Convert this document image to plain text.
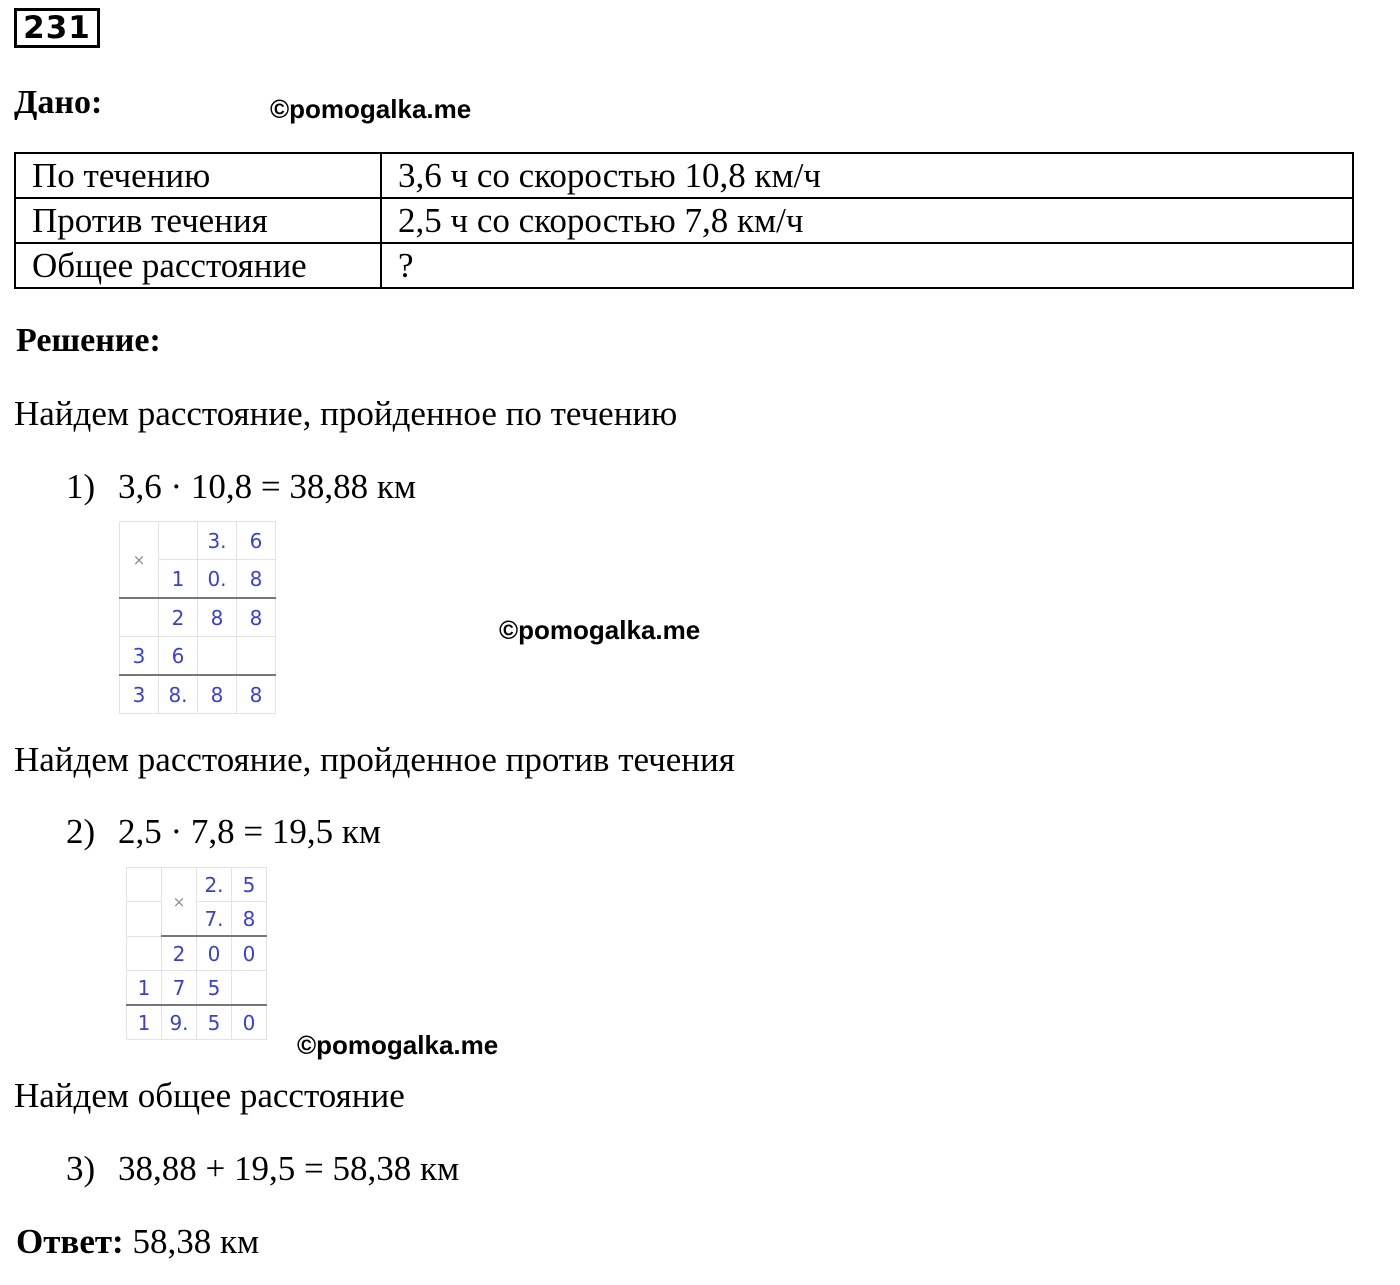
231
Дано:	©pomogalka.me
По течению	3,6 ч со скоростью 10,8 км/ч
Против течения	2,5 ч со скоростью 7,8 км/ч
Общее расстояние	?
Решение:
Найдем расстояние, пройденное по течению
1) 3,6 · 10,8 = 38,88 км
×		3.	6
	1	0.	8
	2	8	8
3	6		
3	8.	8	8
©pomogalka.me
Найдем расстояние, пройденное против течения
2) 2,5 · 7,8 = 19,5 км
	×	2.	5
		7.	8
	2	0	0
1	7	5	
1	9.	5	0
©pomogalka.me
Найдем общее расстояние
3) 38,88 + 19,5 = 58,38 км
Ответ: 58,38 км
